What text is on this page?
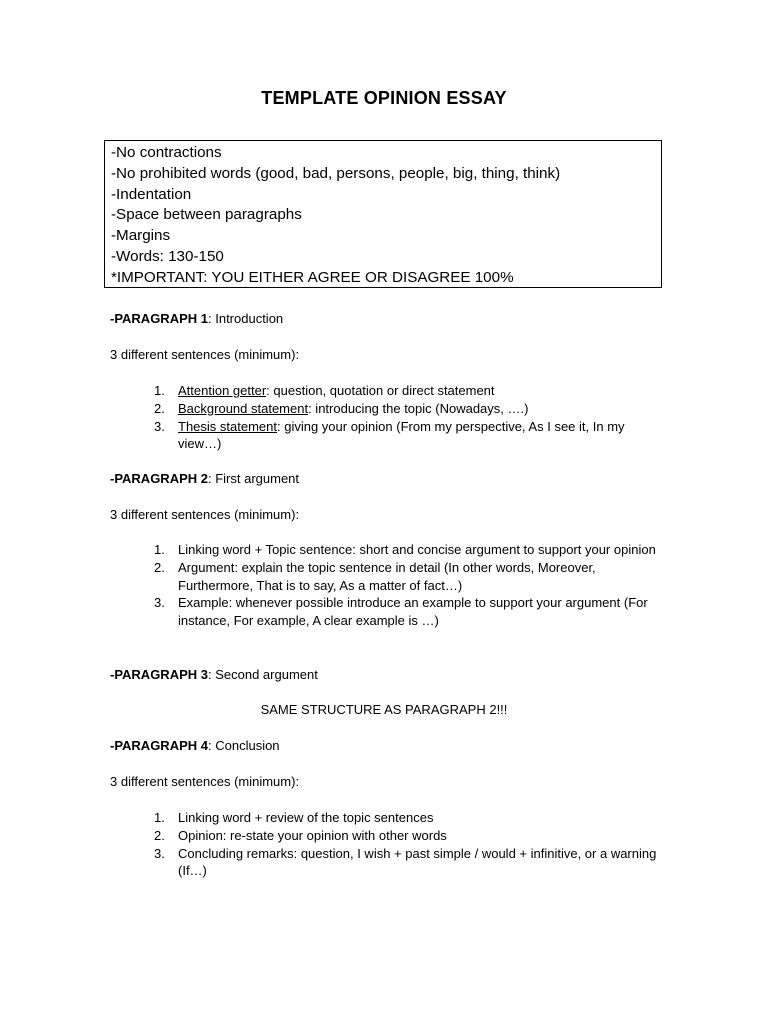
TEMPLATE OPINION ESSAY
-No contractions
-No prohibited words (good, bad, persons, people, big, thing, think)
-Indentation
-Space between paragraphs
-Margins
-Words: 130-150
*IMPORTANT: YOU EITHER AGREE OR DISAGREE 100%
-PARAGRAPH 1: Introduction
3 different sentences (minimum):
1. Attention getter: question, quotation or direct statement
2. Background statement: introducing the topic (Nowadays, ….)
3. Thesis statement: giving your opinion (From my perspective, As I see it, In my view…)
-PARAGRAPH 2: First argument
3 different sentences (minimum):
1. Linking word + Topic sentence: short and concise argument to support your opinion
2. Argument: explain the topic sentence in detail (In other words, Moreover, Furthermore, That is to say, As a matter of fact…)
3. Example: whenever possible introduce an example to support your argument (For instance, For example, A clear example is …)
-PARAGRAPH 3: Second argument
SAME STRUCTURE AS PARAGRAPH 2!!!
-PARAGRAPH 4: Conclusion
3 different sentences (minimum):
1. Linking word + review of the topic sentences
2. Opinion: re-state your opinion with other words
3. Concluding remarks: question, I wish + past simple / would + infinitive, or a warning (If…)
